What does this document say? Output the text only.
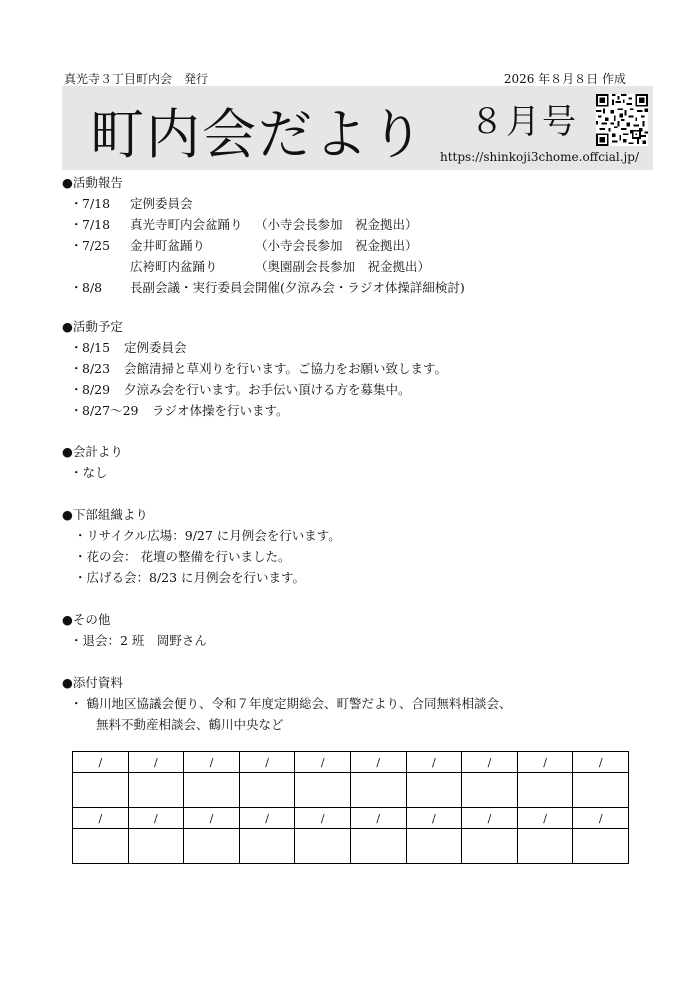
真光寺３丁目町内会　発行	2026 年８月８日 作成
町内会だより ８月号
https://shinkoji3chome.offcial.jp/
●活動報告
・ 7/18 定例委員会
・ 7/18 真光寺町内会盆踊り （小寺会長参加　祝金拠出）
・ 7/25 金井町盆踊り	（小寺会長参加　祝金拠出）
広袴町内盆踊り	（奥園副会長参加　祝金拠出）
・ 8/8 長副会議・実行委員会開催(夕涼み会・ラジオ体操詳細検討)
●活動予定
・ 8/15 定例委員会
・ 8/23 会館清掃と草刈りを行います。ご協力をお願い致します。
・ 8/29 夕涼み会を行います。お手伝い頂ける方を募集中。
・ 8/27～29 ラジオ体操を行います。
●会計より
・なし
●下部組織より
・リサイクル広場：9/27 に月例会を行います。
・花の会： 花壇の整備を行いました。
・広げる会：8/23 に月例会を行います。
●その他
・退会：2 班　岡野さん
●添付資料
・ 鶴川地区協議会便り、令和７年度定期総会、町警だより、合同無料相談会、
無料不動産相談会、鶴川中央など
/	/	/	/	/	/	/	/	/	/

/	/	/	/	/	/	/	/	/	/
